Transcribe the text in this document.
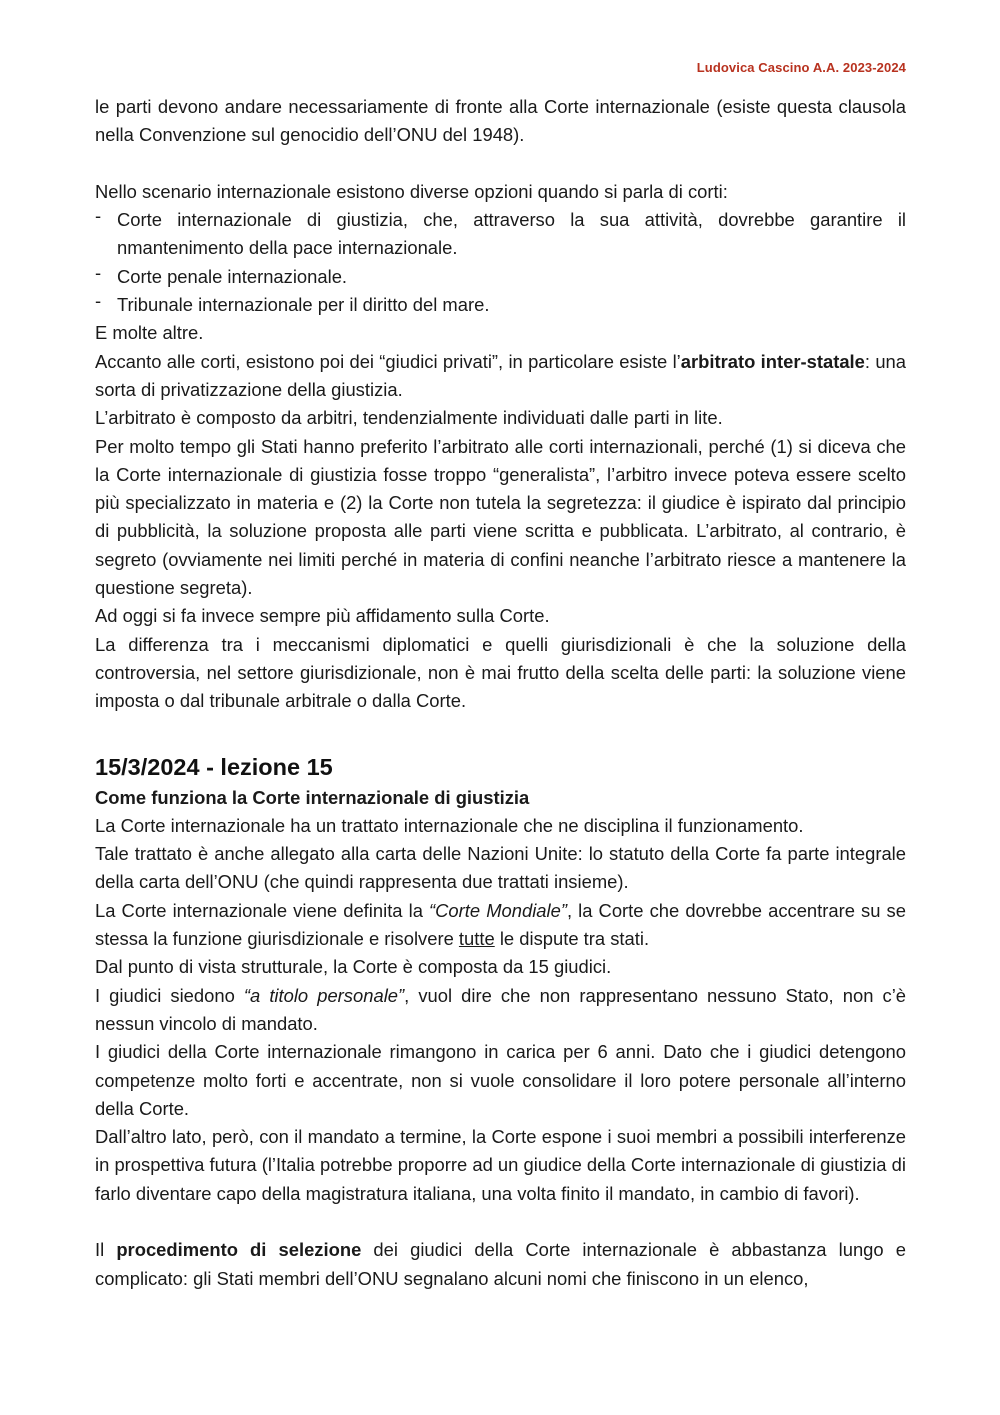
Ludovica Cascino A.A. 2023-2024

le parti devono andare necessariamente di fronte alla Corte internazionale (esiste questa clausola nella Convenzione sul genocidio dell’ONU del 1948).

Nello scenario internazionale esistono diverse opzioni quando si parla di corti:

- Corte internazionale di giustizia, che, attraverso la sua attività, dovrebbe garantire il nmantenimento della pace internazionale.
- Corte penale internazionale.
- Tribunale internazionale per il diritto del mare.

E molte altre.

Accanto alle corti, esistono poi dei “giudici privati”, in particolare esiste l’arbitrato inter-statale: una sorta di privatizzazione della giustizia.

L’arbitrato è composto da arbitri, tendenzialmente individuati dalle parti in lite.

Per molto tempo gli Stati hanno preferito l’arbitrato alle corti internazionali, perché (1) si diceva che la Corte internazionale di giustizia fosse troppo “generalista”, l’arbitro invece poteva essere scelto più specializzato in materia e (2) la Corte non tutela la segretezza: il giudice è ispirato dal principio di pubblicità, la soluzione proposta alle parti viene scritta e pubblicata. L’arbitrato, al contrario, è segreto (ovviamente nei limiti perché in materia di confini neanche l’arbitrato riesce a mantenere la questione segreta).

Ad oggi si fa invece sempre più affidamento sulla Corte.

La differenza tra i meccanismi diplomatici e quelli giurisdizionali è che la soluzione della controversia, nel settore giurisdizionale, non è mai frutto della scelta delle parti: la soluzione viene imposta o dal tribunale arbitrale o dalla Corte.

15/3/2024 - lezione 15
Come funziona la Corte internazionale di giustizia

La Corte internazionale ha un trattato internazionale che ne disciplina il funzionamento.

Tale trattato è anche allegato alla carta delle Nazioni Unite: lo statuto della Corte fa parte integrale della carta dell’ONU (che quindi rappresenta due trattati insieme).

La Corte internazionale viene definita la “Corte Mondiale”, la Corte che dovrebbe accentrare su se stessa la funzione giurisdizionale e risolvere tutte le dispute tra stati.

Dal punto di vista strutturale, la Corte è composta da 15 giudici.

I giudici siedono “a titolo personale”, vuol dire che non rappresentano nessuno Stato, non c’è nessun vincolo di mandato.

I giudici della Corte internazionale rimangono in carica per 6 anni. Dato che i giudici detengono competenze molto forti e accentrate, non si vuole consolidare il loro potere personale all’interno della Corte.

Dall’altro lato, però, con il mandato a termine, la Corte espone i suoi membri a possibili interferenze in prospettiva futura (l’Italia potrebbe proporre ad un giudice della Corte internazionale di giustizia di farlo diventare capo della magistratura italiana, una volta finito il mandato, in cambio di favori).

Il procedimento di selezione dei giudici della Corte internazionale è abbastanza lungo e complicato: gli Stati membri dell’ONU segnalano alcuni nomi che finiscono in un elenco,
